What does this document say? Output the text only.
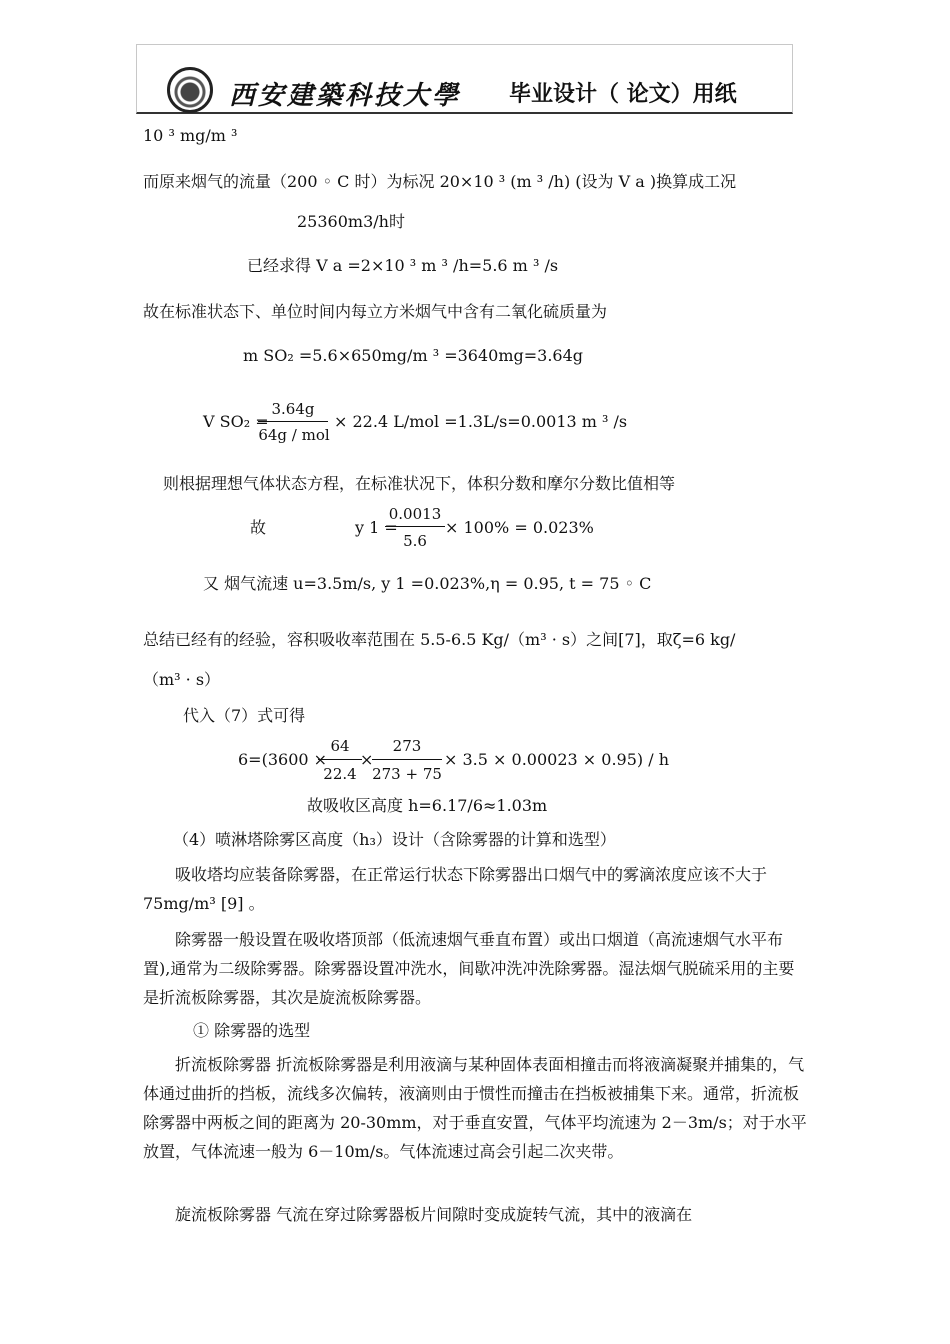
西安建築科技大學 毕业设计（ 论文）用纸
10 ³ mg/m ³
而原来烟气的流量（200 ◦ C 时）为标况 20×10 ³ (m ³ /h) (设为 V a )换算成工况
25360m3/h时
已经求得 V a =2×10 ³ m ³ /h=5.6 m ³ /s
故在标准状态下、单位时间内每立方米烟气中含有二氧化硫质量为
m SO₂ =5.6×650mg/m ³ =3640mg=3.64g
V SO₂ =
3.64g
64g / mol
× 22.4 L/mol =1.3L/s=0.0013 m ³ /s
则根据理想气体状态方程，在标准状况下，体积分数和摩尔分数比值相等
故	y 1 =
0.0013
5.6
× 100% = 0.023%
又 烟气流速 u=3.5m/s, y 1 =0.023%,η = 0.95, t = 75 ◦ C
总结已经有的经验，容积吸收率范围在 5.5-6.5 Kg/（m³ · s）之间[7]，取ζ=6 kg/
（m³ · s）
代入（7）式可得
6=(3600 ×
64
22.4
×
273
273 + 75
× 3.5 × 0.00023 × 0.95) / h
故吸收区高度 h=6.17/6≈1.03m
（4）喷淋塔除雾区高度（h₃）设计（含除雾器的计算和选型）
吸收塔均应装备除雾器，在正常运行状态下除雾器出口烟气中的雾滴浓度应该不大于 75mg/m³ [9] 。
除雾器一般设置在吸收塔顶部（低流速烟气垂直布置）或出口烟道（高流速烟气水平布置),通常为二级除雾器。除雾器设置冲洗水，间歇冲洗冲洗除雾器。湿法烟气脱硫采用的主要是折流板除雾器，其次是旋流板除雾器。
① 除雾器的选型
折流板除雾器 折流板除雾器是利用液滴与某种固体表面相撞击而将液滴凝聚并捕集的，气体通过曲折的挡板，流线多次偏转，液滴则由于惯性而撞击在挡板被捕集下来。通常，折流板除雾器中两板之间的距离为 20-30mm，对于垂直安置，气体平均流速为 2－3m/s；对于水平放置，气体流速一般为 6－10m/s。气体流速过高会引起二次夹带。
旋流板除雾器 气流在穿过除雾器板片间隙时变成旋转气流，其中的液滴在
